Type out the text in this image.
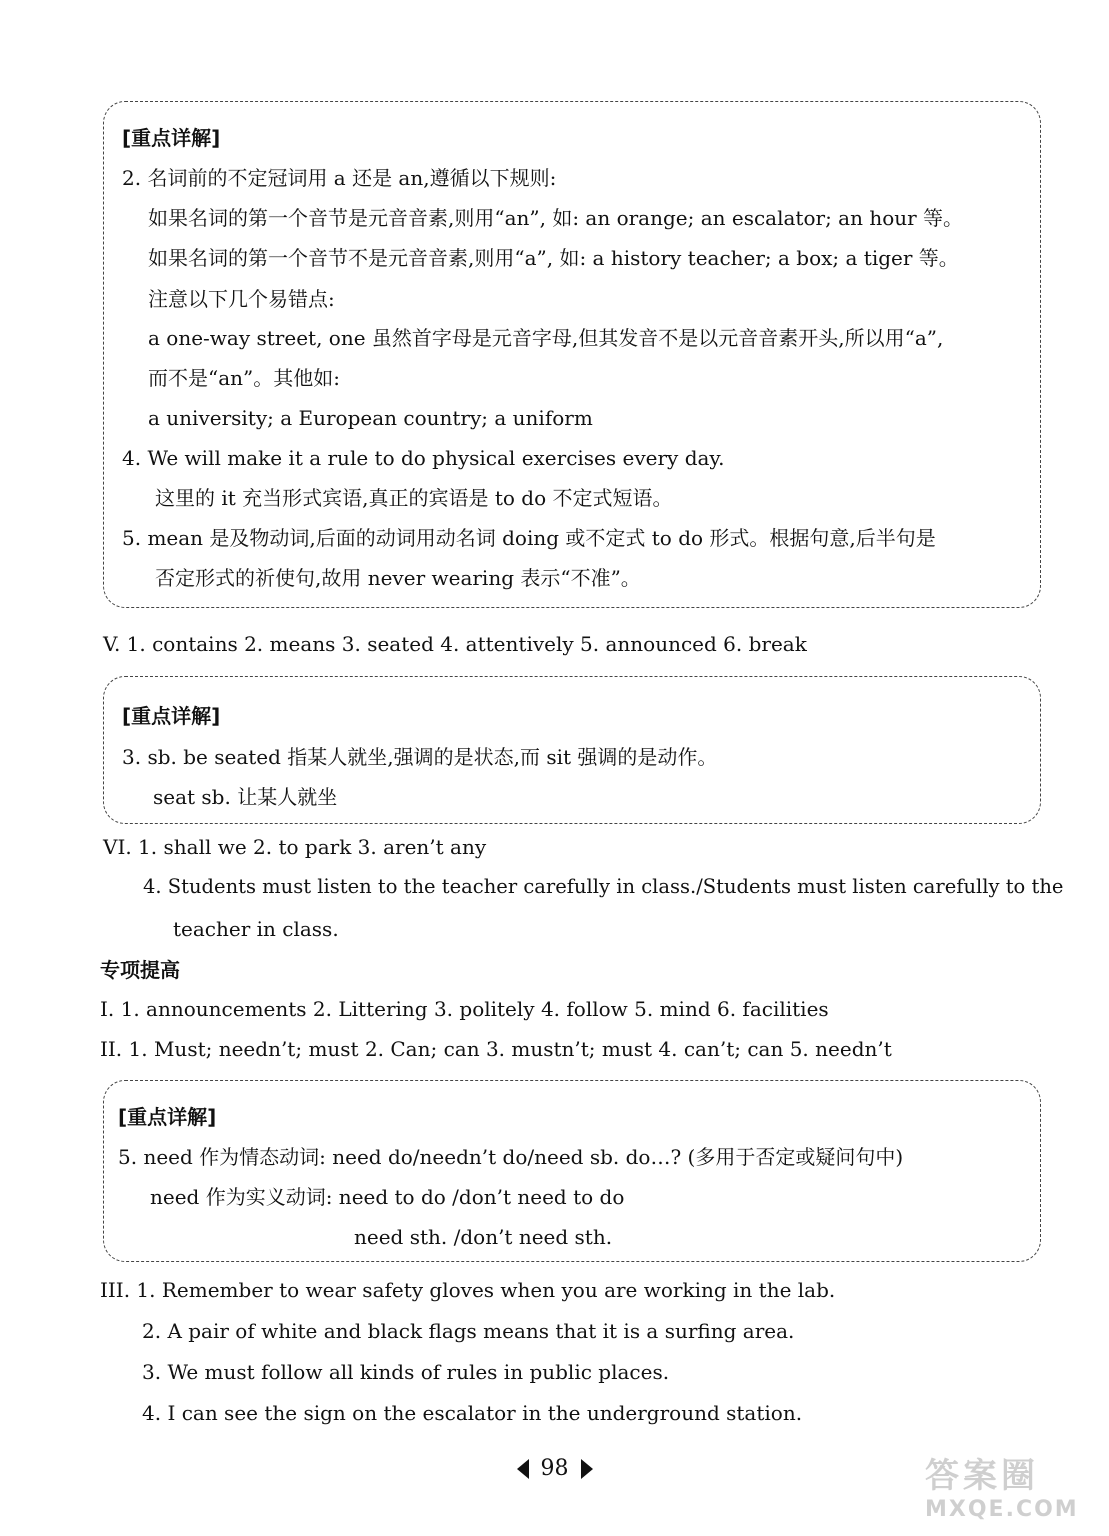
[重点详解]
2. 名词前的不定冠词用 a 还是 an,遵循以下规则:
如果名词的第一个音节是元音音素,则用“an”, 如: an orange; an escalator; an hour 等。
如果名词的第一个音节不是元音音素,则用“a”, 如: a history teacher; a box; a tiger 等。
注意以下几个易错点:
a one-way street, one 虽然首字母是元音字母,但其发音不是以元音音素开头,所以用“a”,
而不是“an”。其他如:
a university; a European country; a uniform
4. We will make it a rule to do physical exercises every day.
这里的 it 充当形式宾语,真正的宾语是 to do 不定式短语。
5. mean 是及物动词,后面的动词用动名词 doing 或不定式 to do 形式。根据句意,后半句是
否定形式的祈使句,故用 never wearing 表示“不准”。
V. 1. contains 2. means 3. seated 4. attentively 5. announced 6. break
[重点详解]
3. sb. be seated 指某人就坐,强调的是状态,而 sit 强调的是动作。
seat sb. 让某人就坐
VI. 1. shall we 2. to park 3. aren’t any
4. Students must listen to the teacher carefully in class./Students must listen carefully to the
teacher in class.
专项提高
I. 1. announcements 2. Littering 3. politely 4. follow 5. mind 6. facilities
II. 1. Must; needn’t; must 2. Can; can 3. mustn’t; must 4. can’t; can 5. needn’t
[重点详解]
5. need 作为情态动词: need do/needn’t do/need sb. do…? (多用于否定或疑问句中)
need 作为实义动词: need to do /don’t need to do
need sth. /don’t need sth.
III. 1. Remember to wear safety gloves when you are working in the lab.
2. A pair of white and black flags means that it is a surfing area.
3. We must follow all kinds of rules in public places.
4. I can see the sign on the escalator in the underground station.
98	答案圈
MXQE.COM
